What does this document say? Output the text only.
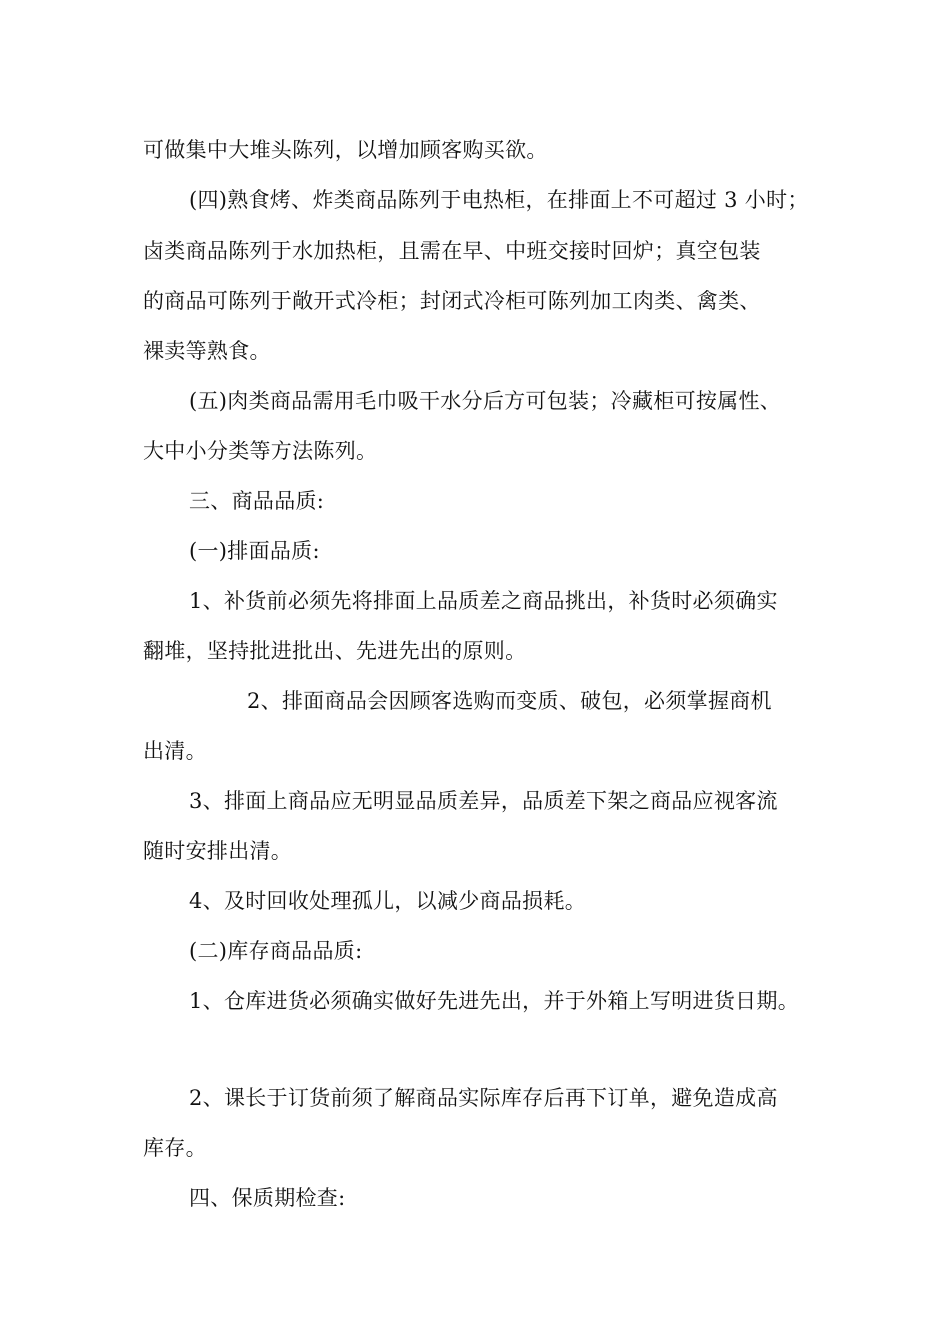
可做集中大堆头陈列，以增加顾客购买欲。
(四)熟食烤、炸类商品陈列于电热柜，在排面上不可超过 3 小时；
卤类商品陈列于水加热柜，且需在早、中班交接时回炉；真空包装
的商品可陈列于敞开式冷柜；封闭式冷柜可陈列加工肉类、禽类、
裸卖等熟食。
(五)肉类商品需用毛巾吸干水分后方可包装；冷藏柜可按属性、
大中小分类等方法陈列。
三、商品品质:
(一)排面品质:
1、补货前必须先将排面上品质差之商品挑出，补货时必须确实
翻堆，坚持批进批出、先进先出的原则。
2、排面商品会因顾客选购而变质、破包，必须掌握商机
出清。
3、排面上商品应无明显品质差异，品质差下架之商品应视客流
随时安排出清。
4、及时回收处理孤儿，以减少商品损耗。
(二)库存商品品质:
1、仓库进货必须确实做好先进先出，并于外箱上写明进货日期。
2、课长于订货前须了解商品实际库存后再下订单，避免造成高
库存。
四、保质期检查:
